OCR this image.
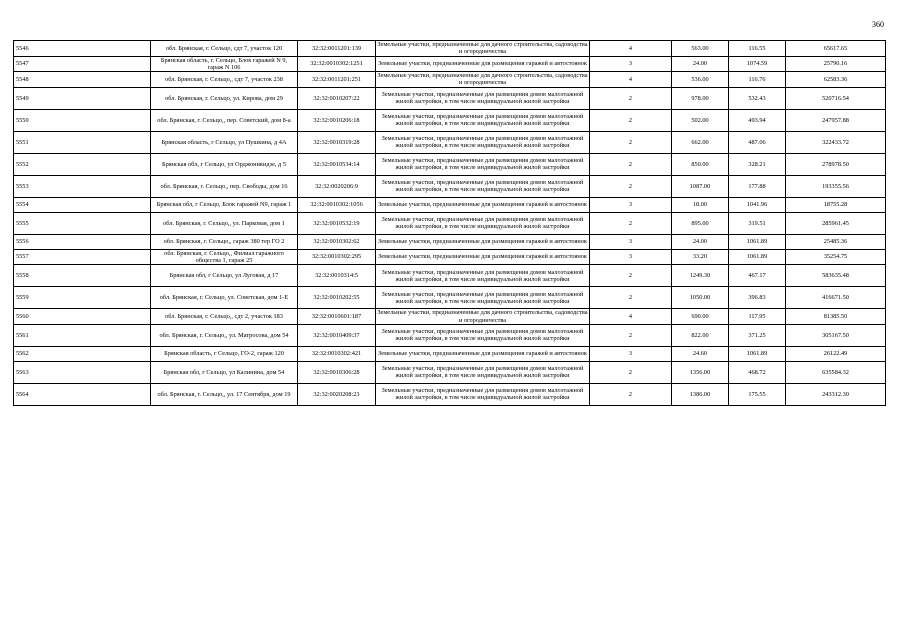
360
5546	обл. Брянская, г. Сельцо, сдт 7, участок 120	32:32:0011201:139	Земельные участки, предназначенные для дачного строительства, садоводства и огородничества	4	563.00	116.55	65617.65
5547	Брянская область, г. Сельцо, Блок гаражей N 9, гараж N 106	32:32:0010302:1251	Земельные участки, предназначенные для размещения гаражей и автостоянок	3	24.00	1074.59	25790.16
5548	обл. Брянская, г. Сельцо,, сдт 7, участок 238	32:32:0011201:251	Земельные участки, предназначенные для дачного строительства, садоводства и огородничества	4	536.00	116.76	62583.36
5549	обл. Брянская, г. Сельцо, ул. Кирова, дом 29	32:32:0010207:22	Земельные участки, предназначенные для размещения домов малоэтажной жилой застройки, в том числе индивидуальной жилой застройки	2	978.00	532.43	520716.54
5550	обл. Брянская, г. Сельцо,, пер. Советский, дом 8-а	32:32:0010206:18	Земельные участки, предназначенные для размещения домов малоэтажной жилой застройки, в том числе индивидуальной жилой застройки	2	502.00	493.94	247957.88
5551	Брянская область, г Сельцо, ул Пушкина, д 4А	32:32:0010319:28	Земельные участки, предназначенные для размещения домов малоэтажной жилой застройки, в том числе индивидуальной жилой застройки	2	662.00	487.06	322433.72
5552	Брянская обл, г Сельцо, ул Орджоникидзе, д 5	32:32:0010534:14	Земельные участки, предназначенные для размещения домов малоэтажной жилой застройки, в том числе индивидуальной жилой застройки	2	850.00	328.21	278978.50
5553	обл. Брянская, г. Сельцо,, пер. Свободы, дом 16	32:32:0020206:9	Земельные участки, предназначенные для размещения домов малоэтажной жилой застройки, в том числе индивидуальной жилой застройки	2	1087.00	177.88	193355.56
5554	Брянская обл, г Сельцо, Блок гаражей N9, гараж 1	32:32:0010302:1056	Земельные участки, предназначенные для размещения гаражей и автостоянок	3	18.00	1041.96	18755.28
5555	обл. Брянская, г. Сельцо,, ул. Парковая, дом 1	32:32:0010532:19	Земельные участки, предназначенные для размещения домов малоэтажной жилой застройки, в том числе индивидуальной жилой застройки	2	895.00	319.51	285961.45
5556	обл. Брянская, г. Сельцо,, гараж 380 тер ГО 2	32:32:0010302:62	Земельные участки, предназначенные для размещения гаражей и автостоянок	3	24.00	1061.89	25485.36
5557	обл. Брянская, г. Сельцо,, Филиал гаражного общества 1, гараж 25	32:32:0010302:295	Земельные участки, предназначенные для размещения гаражей и автостоянок	3	33.20	1061.89	35254.75
5558	Брянская обл, г Сельцо, ул Луговая, д 17	32:32:0010314:5	Земельные участки, предназначенные для размещения домов малоэтажной жилой застройки, в том числе индивидуальной жилой застройки	2	1249.30	467.17	583635.48
5559	обл. Брянская, г. Сельцо, ул. Советская, дом 1-Е	32:32:0010202:55	Земельные участки, предназначенные для размещения домов малоэтажной жилой застройки, в том числе индивидуальной жилой застройки	2	1050.00	396.83	416671.50
5560	обл. Брянская, г. Сельцо,, сдт 2, участок 183	32:32:0010601:187	Земельные участки, предназначенные для дачного строительства, садоводства и огородничества	4	690.00	117.95	81385.50
5561	обл. Брянская, г. Сельцо,, ул. Матросова, дом 54	32:32:0010409:37	Земельные участки, предназначенные для размещения домов малоэтажной жилой застройки, в том числе индивидуальной жилой застройки	2	822.00	371.25	305167.50
5562	Брянская область, г Сельцо, ГО-2, гараж 120	32:32:0010302:421	Земельные участки, предназначенные для размещения гаражей и автостоянок	3	24.60	1061.89	26122.49
5563	Брянская обл, г Сельцо, ул Калинина, дом 54	32:32:0010306:28	Земельные участки, предназначенные для размещения домов малоэтажной жилой застройки, в том числе индивидуальной жилой застройки	2	1356.00	468.72	635584.32
5564	обл. Брянская, г. Сельцо,, ул. 17 Сентября, дом 19	32:32:0020208:23	Земельные участки, предназначенные для размещения домов малоэтажной жилой застройки, в том числе индивидуальной жилой застройки	2	1386.00	175.55	243312.30
